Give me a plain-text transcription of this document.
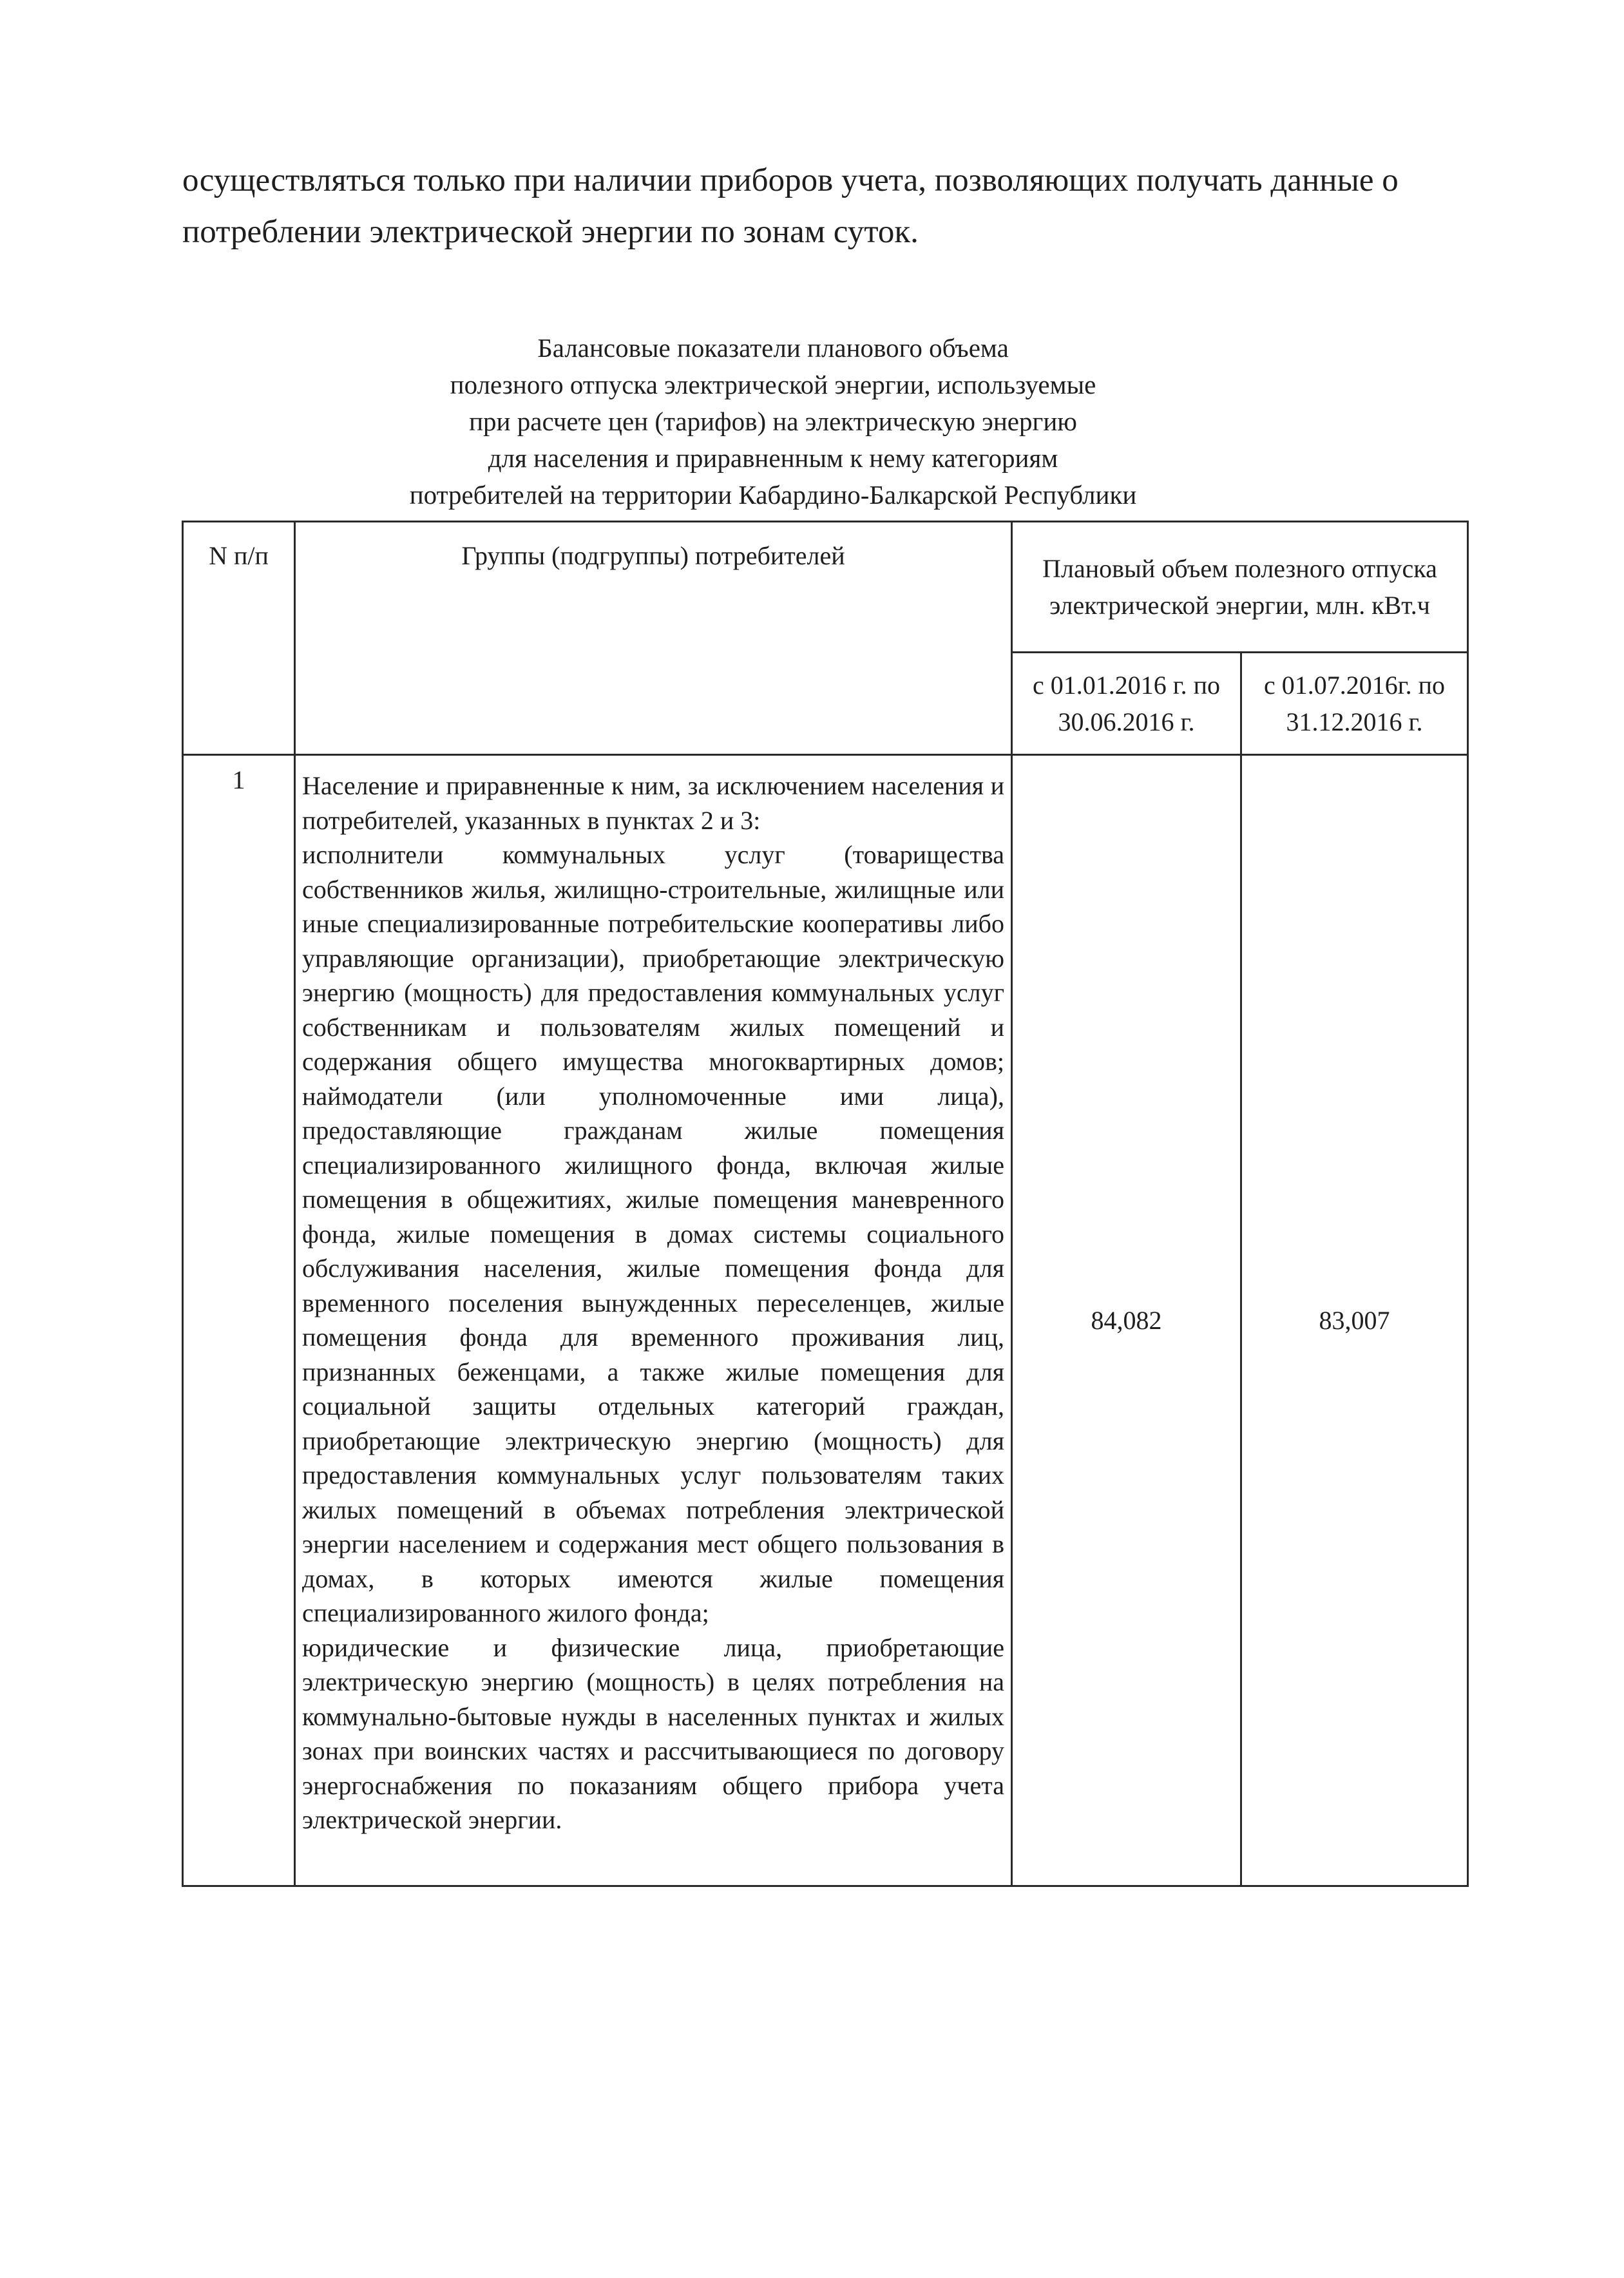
осуществляться только при наличии приборов учета, позволяющих получать данные о потреблении электрической энергии по зонам суток.

Балансовые показатели планового объема
полезного отпуска электрической энергии, используемые
при расчете цен (тарифов) на электрическую энергию
для населения и приравненным к нему категориям
потребителей на территории Кабардино-Балкарской Республики
N п/п	Группы (подгруппы) потребителей	Плановый объем полезного отпуска электрической энергии, млн. кВт.ч	
		с 01.01.2016 г. по 30.06.2016 г.	с 01.07.2016г. по 31.12.2016 г.
1	Население и приравненные к ним, за исключением населения и потребителей, указанных в пунктах 2 и 3:
исполнители коммунальных услуг (товарищества собственников жилья, жилищно-строительные, жилищные или иные специализированные потребительские кооперативы либо управляющие организации), приобретающие электрическую энергию (мощность) для предоставления коммунальных услуг собственникам и пользователям жилых помещений и содержания общего имущества многоквартирных домов; наймодатели (или уполномоченные ими лица), предоставляющие гражданам жилые помещения специализированного жилищного фонда, включая жилые помещения в общежитиях, жилые помещения маневренного фонда, жилые помещения в домах системы социального обслуживания населения, жилые помещения фонда для временного поселения вынужденных переселенцев, жилые помещения фонда для временного проживания лиц, признанных беженцами, а также жилые помещения для социальной защиты отдельных категорий граждан, приобретающие электрическую энергию (мощность) для предоставления коммунальных услуг пользователям таких жилых помещений в объемах потребления электрической энергии населением и содержания мест общего пользования в домах, в которых имеются жилые помещения специализированного жилого фонда;
юридические и физические лица, приобретающие электрическую энергию (мощность) в целях потребления на коммунально-бытовые нужды в населенных пунктах и жилых зонах при воинских частях и рассчитывающиеся по договору энергоснабжения по показаниям общего прибора учета электрической энергии.	84,082	83,007
